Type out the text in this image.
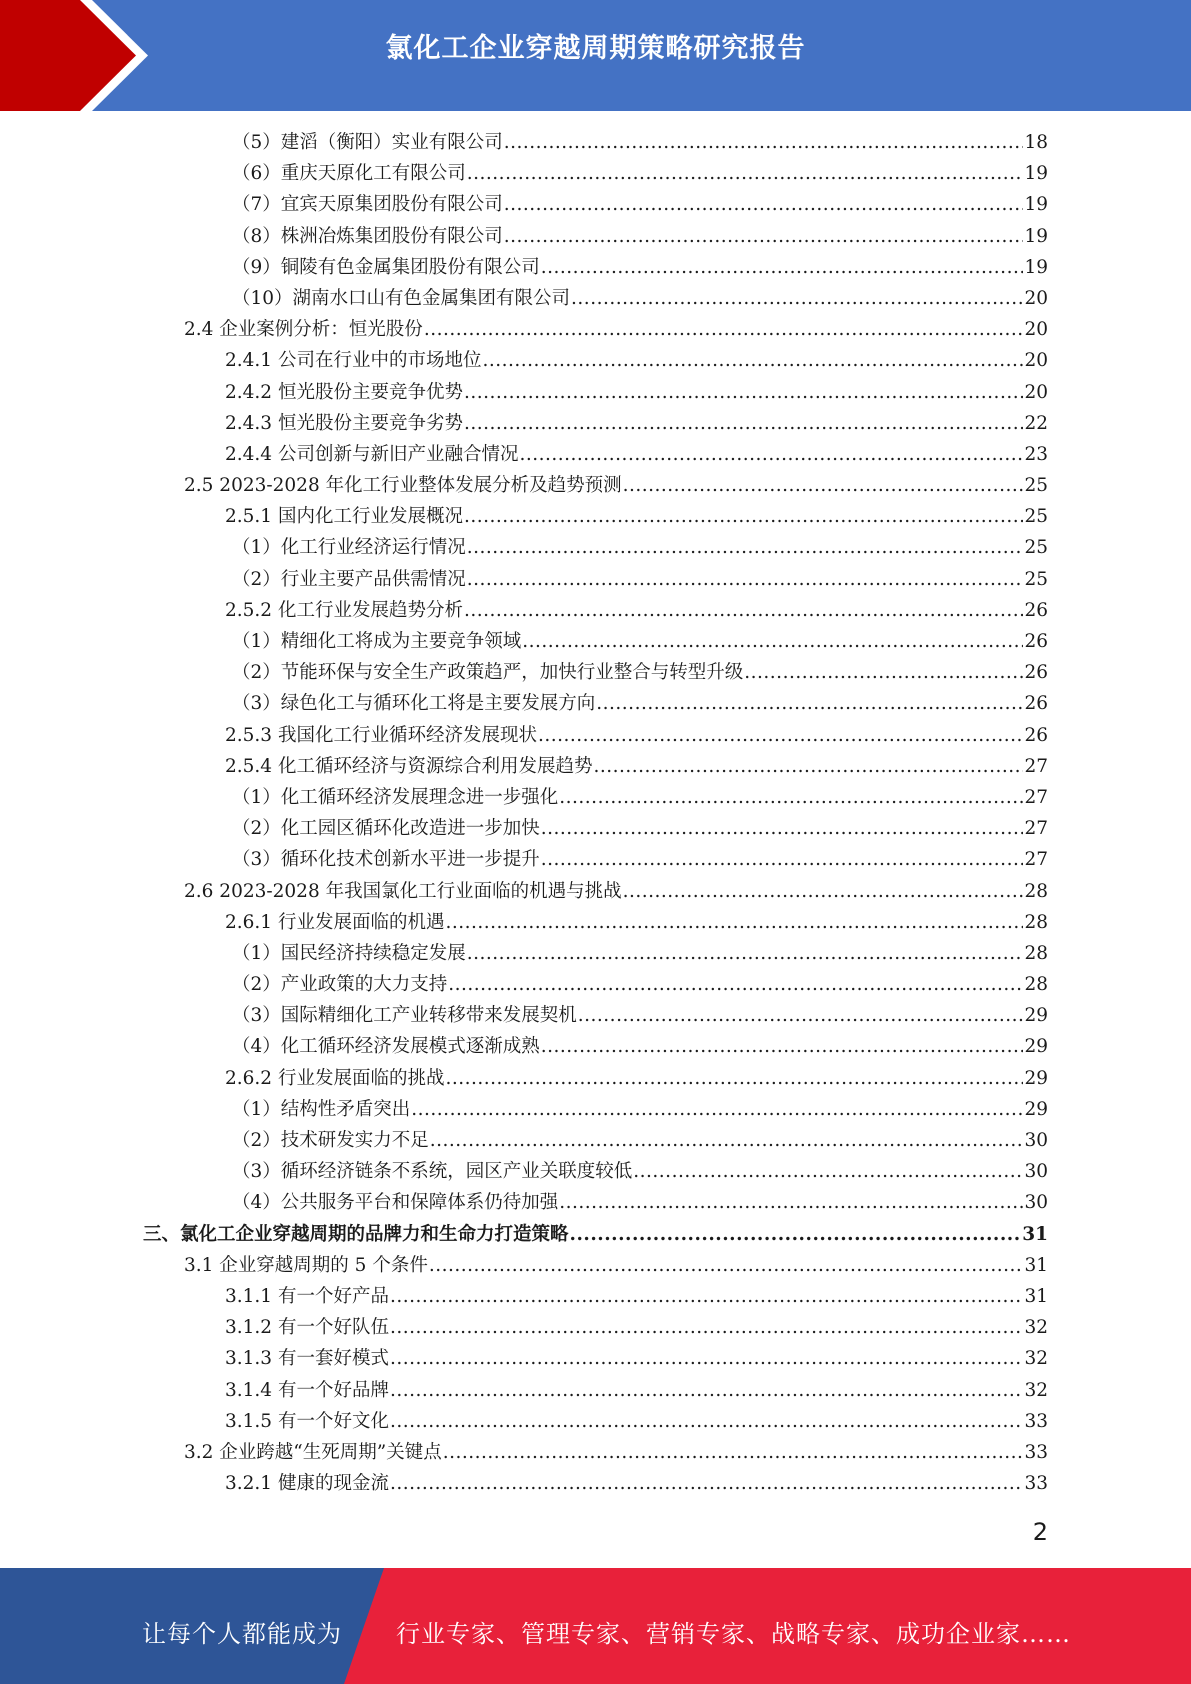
氯化工企业穿越周期策略研究报告
（5）建滔（衡阳）实业有限公司 .....	18
（6）重庆天原化工有限公司 .....	19
（7）宜宾天原集团股份有限公司 .....	19
（8）株洲冶炼集团股份有限公司 .....	19
（9）铜陵有色金属集团股份有限公司 .....	19
（10）湖南水口山有色金属集团有限公司 .....	20
2.4 企业案例分析：恒光股份 .....	20
2.4.1 公司在行业中的市场地位 .....	20
2.4.2 恒光股份主要竞争优势 .....	20
2.4.3 恒光股份主要竞争劣势 .....	22
2.4.4 公司创新与新旧产业融合情况 .....	23
2.5 2023-2028 年化工行业整体发展分析及趋势预测 .....	25
2.5.1 国内化工行业发展概况 .....	25
（1）化工行业经济运行情况 .....	25
（2）行业主要产品供需情况 .....	25
2.5.2 化工行业发展趋势分析 .....	26
（1）精细化工将成为主要竞争领域 .....	26
（2）节能环保与安全生产政策趋严，加快行业整合与转型升级 .....	26
（3）绿色化工与循环化工将是主要发展方向 .....	26
2.5.3 我国化工行业循环经济发展现状 .....	26
2.5.4 化工循环经济与资源综合利用发展趋势 .....	27
（1）化工循环经济发展理念进一步强化 .....	27
（2）化工园区循环化改造进一步加快 .....	27
（3）循环化技术创新水平进一步提升 .....	27
2.6 2023-2028 年我国氯化工行业面临的机遇与挑战 .....	28
2.6.1 行业发展面临的机遇 .....	28
（1）国民经济持续稳定发展 .....	28
（2）产业政策的大力支持 .....	28
（3）国际精细化工产业转移带来发展契机 .....	29
（4）化工循环经济发展模式逐渐成熟 .....	29
2.6.2 行业发展面临的挑战 .....	29
（1）结构性矛盾突出 .....	29
（2）技术研发实力不足 .....	30
（3）循环经济链条不系统，园区产业关联度较低 .....	30
（4）公共服务平台和保障体系仍待加强 .....	30
三、氯化工企业穿越周期的品牌力和生命力打造策略 .....	31
3.1 企业穿越周期的 5 个条件 .....	31
3.1.1 有一个好产品 .....	31
3.1.2 有一个好队伍 .....	32
3.1.3 有一套好模式 .....	32
3.1.4 有一个好品牌 .....	32
3.1.5 有一个好文化 .....	33
3.2 企业跨越“生死周期”关键点 .....	33
3.2.1 健康的现金流 .....	33
2
让每个人都能成为 行业专家、管理专家、营销专家、战略专家、成功企业家……
